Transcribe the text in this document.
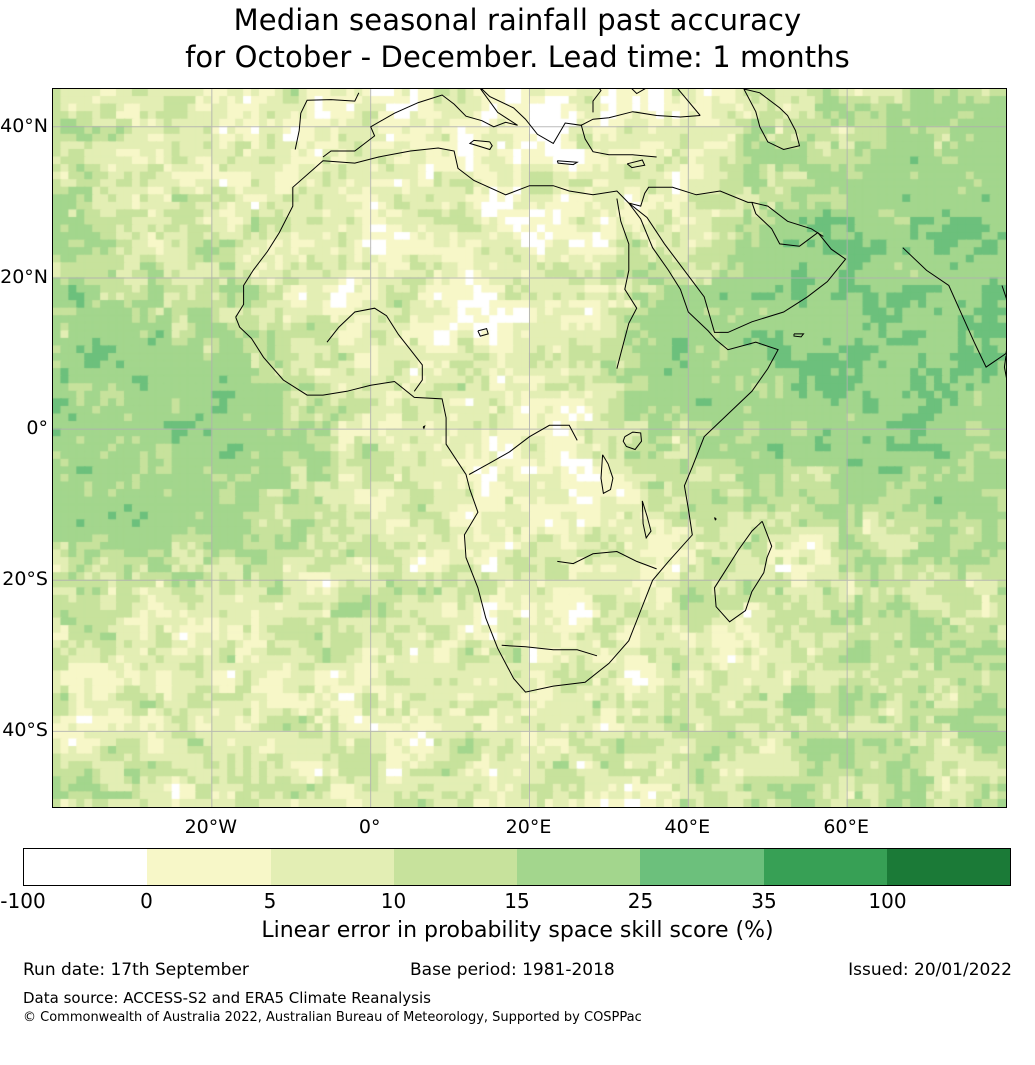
Median seasonal rainfall past accuracy
for October - December. Lead time: 1 months
40°N
20°N
0°
20°S
40°S
20°W	0°	20°E	40°E	60°E
-100	0	5	10	15	25	35	100
Linear error in probability space skill score (%)
Run date: 17th September	Base period: 1981-2018	Issued: 20/01/2022
Data source: ACCESS-S2 and ERA5 Climate Reanalysis
© Commonwealth of Australia 2022, Australian Bureau of Meteorology, Supported by COSPPac
